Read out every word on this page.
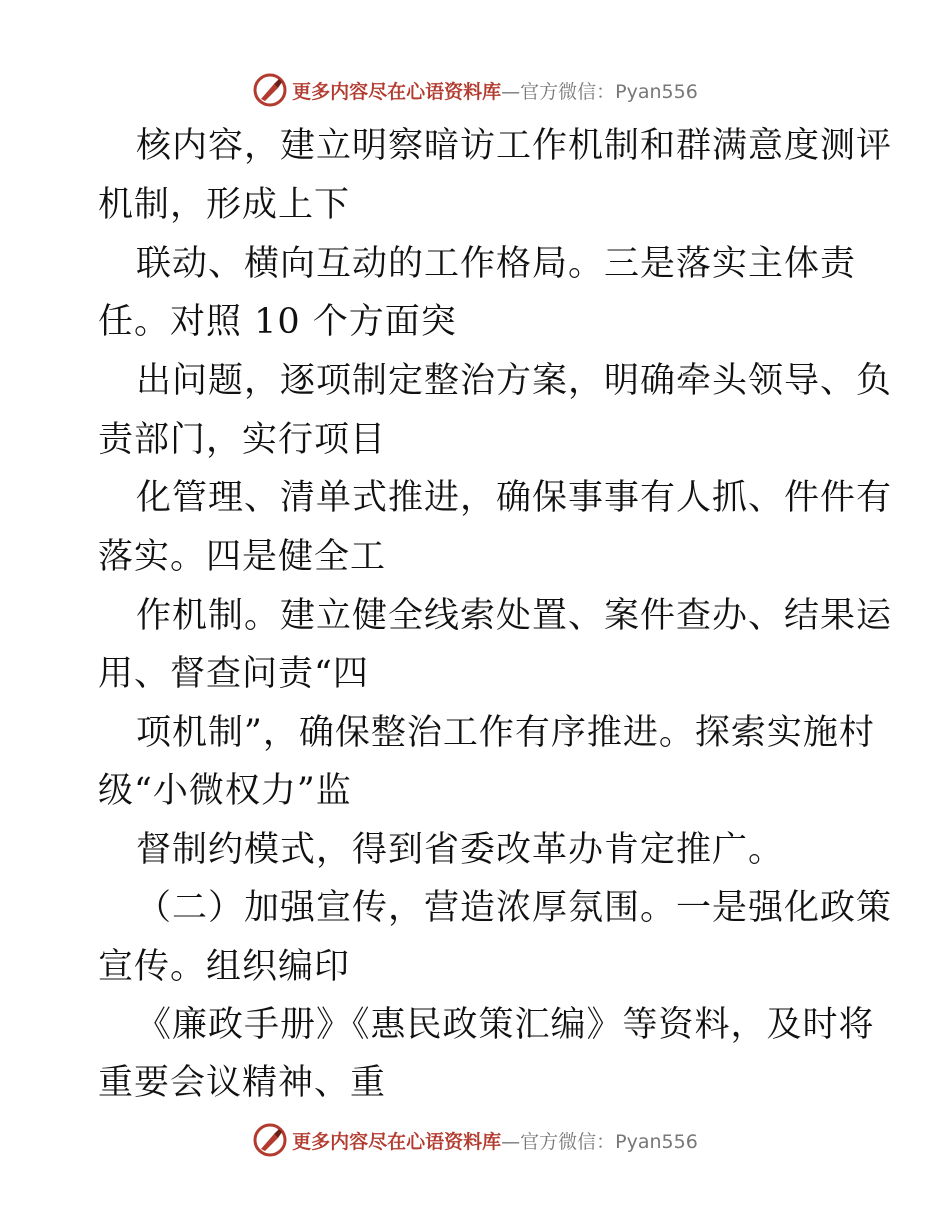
更多内容尽在心语资料库—官方微信：Pyan556
核内容，建立明察暗访工作机制和群满意度测评
机制，形成上下
联动、横向互动的工作格局。三是落实主体责
任。对照 10 个方面突
出问题，逐项制定整治方案，明确牵头领导、负
责部门，实行项目
化管理、清单式推进，确保事事有人抓、件件有
落实。四是健全工
作机制。建立健全线索处置、案件查办、结果运
用、督查问责“四
项机制”，确保整治工作有序推进。探索实施村
级“小微权力”监
督制约模式，得到省委改革办肯定推广。
（二）加强宣传，营造浓厚氛围。一是强化政策
宣传。组织编印
《廉政手册》《惠民政策汇编》等资料，及时将
重要会议精神、重
更多内容尽在心语资料库—官方微信：Pyan556
